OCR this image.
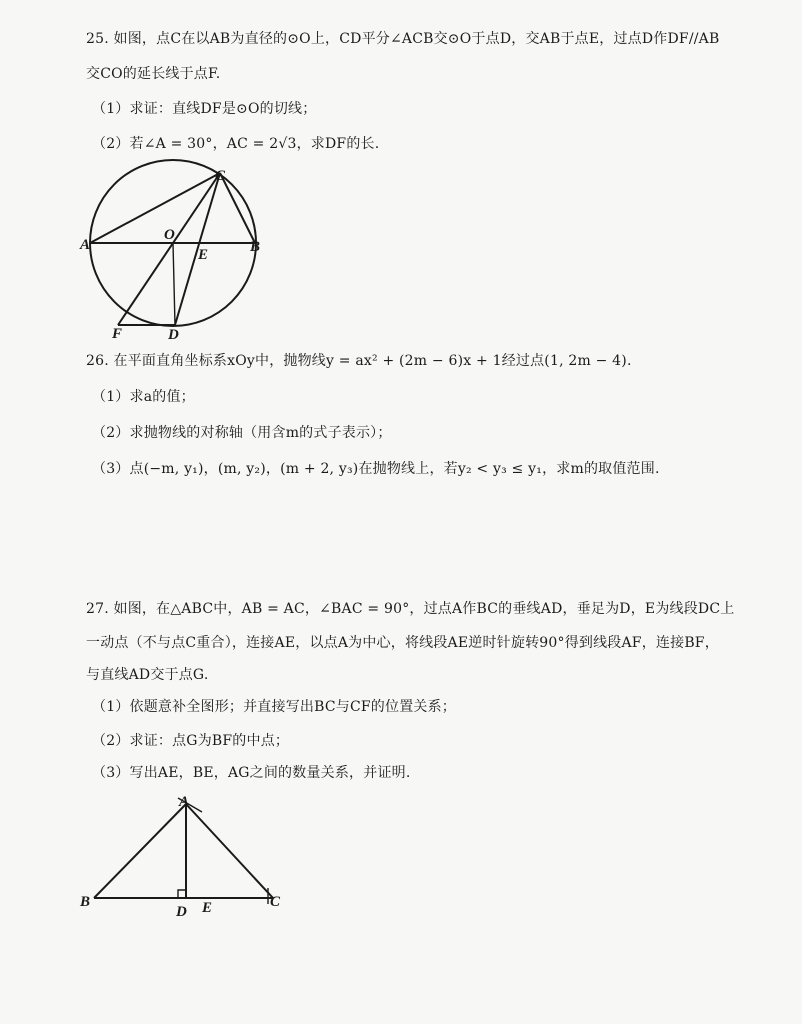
25. 如图，点C在以AB为直径的⊙O上，CD平分∠ACB交⊙O于点D，交AB于点E，过点D作DF//AB
交CO的延长线于点F.
（1）求证：直线DF是⊙O的切线；
（2）若∠A = 30°，AC = 2√3，求DF的长.
A	B
C
O
E
F	D
26. 在平面直角坐标系xOy中，抛物线y = ax² + (2m − 6)x + 1经过点(1, 2m − 4).
（1）求a的值；
（2）求抛物线的对称轴（用含m的式子表示）；
（3）点(−m, y₁)，(m, y₂)，(m + 2, y₃)在抛物线上，若y₂ < y₃ ≤ y₁，求m的取值范围.
27. 如图，在△ABC中，AB = AC，∠BAC = 90°，过点A作BC的垂线AD，垂足为D，E为线段DC上
一动点（不与点C重合），连接AE，以点A为中心，将线段AE逆时针旋转90°得到线段AF，连接BF，
与直线AD交于点G.
（1）依题意补全图形；并直接写出BC与CF的位置关系；
（2）求证：点G为BF的中点；
（3）写出AE，BE，AG之间的数量关系，并证明.
A
B	C
D E
